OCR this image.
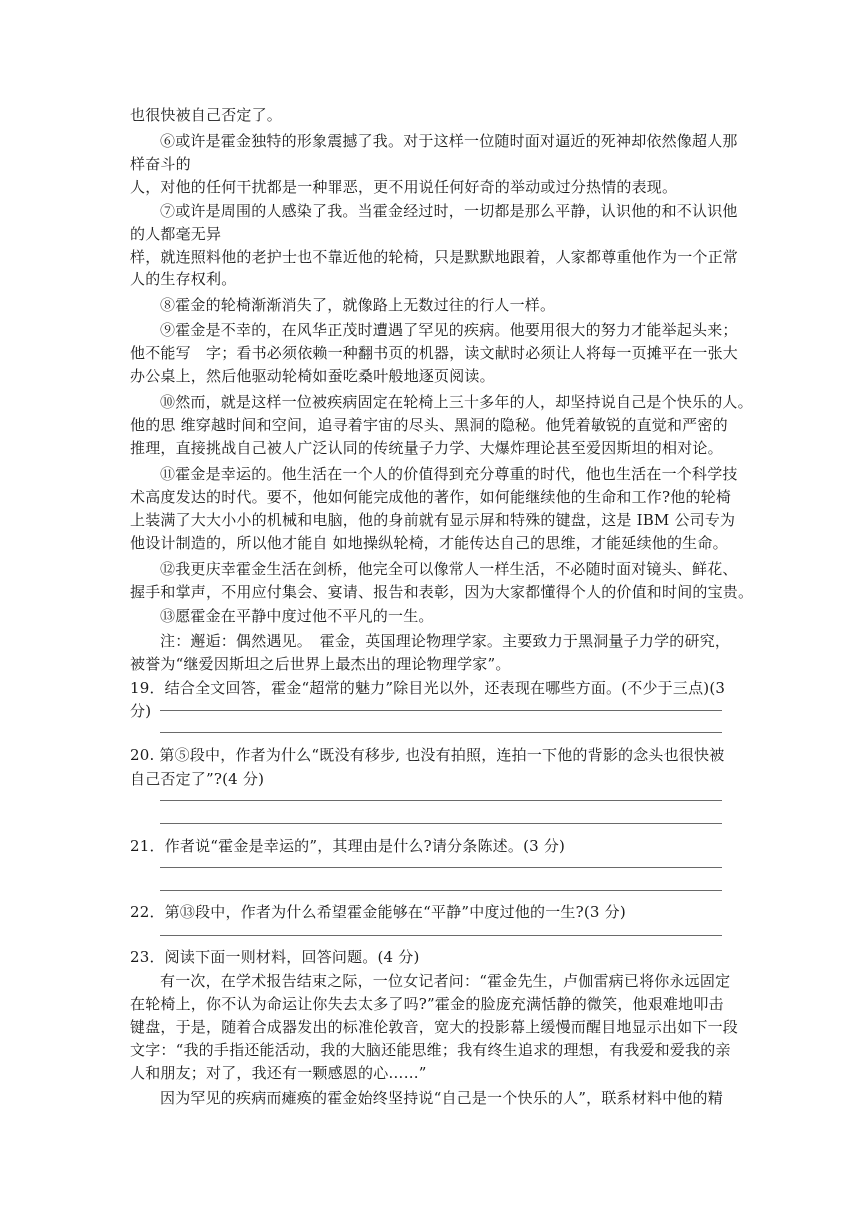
也很快被自己否定了。
⑥或许是霍金独特的形象震撼了我。对于这样一位随时面对逼近的死神却依然像超人那
样奋斗的
人，对他的任何干扰都是一种罪恶，更不用说任何好奇的举动或过分热情的表现。
⑦或许是周围的人感染了我。当霍金经过时，一切都是那么平静，认识他的和不认识他
的人都毫无异
样，就连照料他的老护士也不靠近他的轮椅，只是默默地跟着，人家都尊重他作为一个正常
人的生存权利。
⑧霍金的轮椅渐渐消失了，就像路上无数过往的行人一样。
⑨霍金是不幸的，在风华正茂时遭遇了罕见的疾病。他要用很大的努力才能举起头来；
他不能写　字；看书必须依赖一种翻书页的机器，读文献时必须让人将每一页摊平在一张大
办公桌上，然后他驱动轮椅如蚕吃桑叶般地逐页阅读。
⑩然而，就是这样一位被疾病固定在轮椅上三十多年的人，却坚持说自己是个快乐的人。
他的思 维穿越时间和空间，追寻着宇宙的尽头、黑洞的隐秘。他凭着敏锐的直觉和严密的
推理，直接挑战自己被人广泛认同的传统量子力学、大爆炸理论甚至爱因斯坦的相对论。
⑪霍金是幸运的。他生活在一个人的价值得到充分尊重的时代，他也生活在一个科学技
术高度发达的时代。要不，他如何能完成他的著作，如何能继续他的生命和工作?他的轮椅
上装满了大大小小的机械和电脑，他的身前就有显示屏和特殊的键盘，这是 IBM 公司专为
他设计制造的，所以他才能自 如地操纵轮椅，才能传达自己的思维，才能延续他的生命。
⑫我更庆幸霍金生活在剑桥，他完全可以像常人一样生活，不必随时面对镜头、鲜花、
握手和掌声，不用应付集会、宴请、报告和表彰，因为大家都懂得个人的价值和时间的宝贵。
⑬愿霍金在平静中度过他不平凡的一生。
注：邂逅：偶然遇见。　霍金，英国理论物理学家。主要致力于黑洞量子力学的研究，
被誉为“继爱因斯坦之后世界上最杰出的理论物理学家”。
19．结合全文回答，霍金“超常的魅力”除目光以外，还表现在哪些方面。(不少于三点)(3
分)
20. 第⑤段中，作者为什么“既没有移步, 也没有拍照，连拍一下他的背影的念头也很快被
自己否定了”?(4 分)
21．作者说“霍金是幸运的”，其理由是什么?请分条陈述。(3 分)
22．第⑬段中，作者为什么希望霍金能够在“平静”中度过他的一生?(3 分)
23．阅读下面一则材料，回答问题。(4 分)
有一次，在学术报告结束之际，一位女记者问：“霍金先生，卢伽雷病已将你永远固定
在轮椅上，你不认为命运让你失去太多了吗?”霍金的脸庞充满恬静的微笑，他艰难地叩击
键盘，于是，随着合成器发出的标准伦敦音，宽大的投影幕上缓慢而醒目地显示出如下一段
文字：“我的手指还能活动，我的大脑还能思维；我有终生追求的理想，有我爱和爱我的亲
人和朋友；对了，我还有一颗感恩的心……”
因为罕见的疾病而瘫痪的霍金始终坚持说“自己是一个快乐的人”，联系材料中他的精
